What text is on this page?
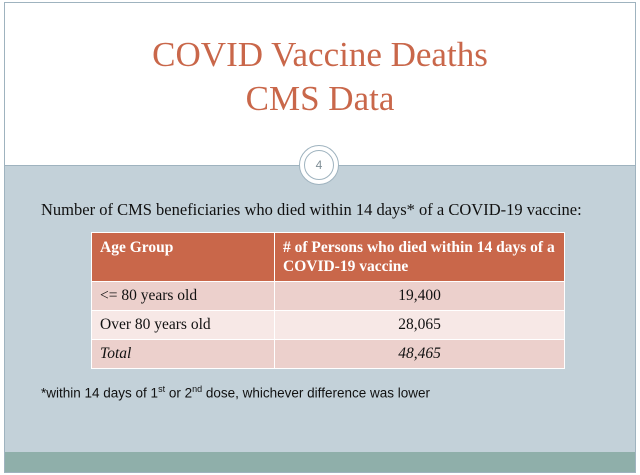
COVID Vaccine Deaths
CMS Data
4
Number of CMS beneficiaries who died within 14 days* of a COVID-19 vaccine:
Age Group	# of Persons who died within 14 days of a COVID-19 vaccine
<= 80 years old	19,400
Over 80 years old	28,065
Total	48,465
*within 14 days of 1st or 2nd dose, whichever difference was lower
